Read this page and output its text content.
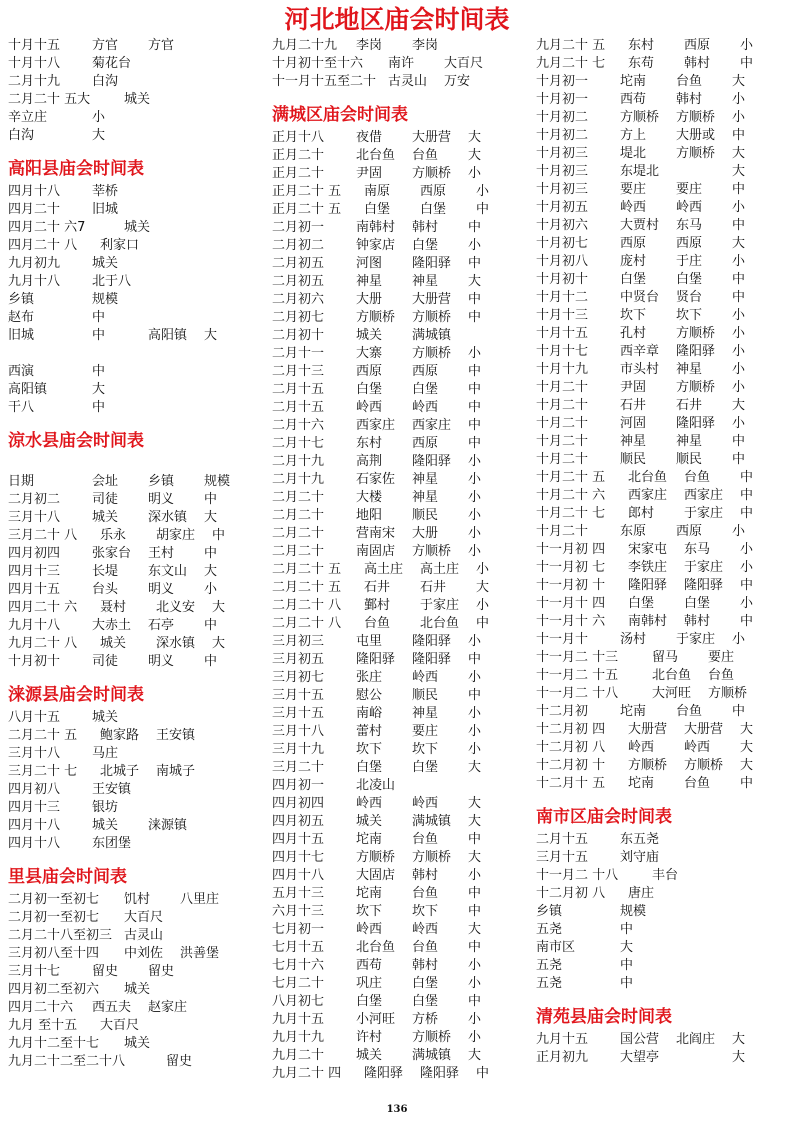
河北地区庙会时间表
十月十五 方官 方官
十月十八 菊花台
二月十九 白沟
二月二十 五大	城关
辛立庄	小
白沟	大
高阳县庙会时间表
四月十八 莘桥
四月二十 旧城
四月二十 六7	城关
四月二十 八 利家口
九月初九 城关
九月十八 北于八
乡镇	规模
赵布	中
旧城	中	高阳镇 大
西演	中
高阳镇	大
干八	中
涼水县庙会时间表
日期	会址 乡镇 规模
二月初二 司徒 明义 中
三月十八 城关 深水镇 大
三月二十 八 乐永 胡家庄 中
四月初四 张家台 王村 中
四月十三 长堤 东文山 大
四月十五 台头 明义 小
四月二十 六 聂村 北义安 大
九月十八 大赤土 石亭 中
九月二十 八 城关 深水镇 大
十月初十 司徒 明义 中
涞源县庙会时间表
八月十五 城关
二月二十 五 鲍家路 王安镇
三月十八 马庄
三月二十 七 北城子 南城子
四月初八 王安镇
四月十三 银坊
四月十八 城关 涞源镇
四月十八 东团堡
里县庙会时间表
二月初一至初七 饥村 八里庄
二月初一至初七 大百尺
二月二十八至初三 古灵山
三月初八至十四 中刘佐 洪善堡
三月十七 留史 留史
四月初二至初六 城关
四月二十六 西五夫 赵家庄
九月 至十五 大百尺
九月十二至十七 城关
九月二十二至二十八	留史
九月二十九 李岗 李岗
十月初十至十六 南许 大百尺
十一月十五至二十 古灵山 万安
满城区庙会时间表
正月十八 夜借 大册营 大
正月二十 北台鱼 台鱼 大
正月二十 尹固 方顺桥 小
正月二十 五 南原 西原 小
正月二十 五 白堡 白堡 中
二月初一 南韩村 韩村 中
二月初二 钟家店 白堡 小
二月初五 河图 隆阳驿 中
二月初五 神星 神星 大
二月初六 大册 大册营 中
二月初七 方顺桥 方顺桥 中
二月初十 城关 满城镇
二月十一 大寨 方顺桥 小
二月十三 西原 西原 中
二月十五 白堡 白堡 中
二月十五 岭西 岭西 中
二月十六 西家庄 西家庄 中
二月十七 东村 西原 中
二月十九 高荆 隆阳驿 小
二月十九 石家佐 神星 小
二月二十 大楼 神星 小
二月二十 地阳 顺民 小
二月二十 营南宋 大册 小
二月二十 南固店 方顺桥 小
二月二十 五 高土庄 高土庄 小
二月二十 五 石井 石井 大
二月二十 八 鄞村 于家庄 小
二月二十 八 台鱼 北台鱼 中
三月初三 屯里 隆阳驿 小
三月初五 隆阳驿 隆阳驿 中
三月初七 张庄 岭西 小
三月十五 慰公 顺民 中
三月十五 南峪 神星 小
三月十八 蕾村 要庄 小
三月十九 坎下 坎下 小
三月二十 白堡 白堡 大
四月初一 北凌山
四月初四 岭西 岭西 大
四月初五 城关 满城镇 大
四月十五 坨南 台鱼 中
四月十七 方顺桥 方顺桥 大
四月十八 大固店 韩村 小
五月十三 坨南 台鱼 中
六月十三 坎下 坎下 中
七月初一 岭西 岭西 大
七月十五 北台鱼 台鱼 中
七月十六 西苟 韩村 小
七月二十 巩庄 白堡 小
八月初七 白堡 白堡 中
九月十五 小河旺 方桥 小
九月十九 许村 方顺桥 小
九月二十 城关 满城镇 大
九月二十 四 隆阳驿 隆阳驿 中
九月二十 五 东村 西原 小
九月二十 七 东苟 韩村 中
十月初一 坨南 台鱼 大
十月初一 西苟 韩村 小
十月初二 方顺桥 方顺桥 小
十月初二 方上 大册或 中
十月初三 堤北 方顺桥 大
十月初三 东堤北	大
十月初三 要庄 要庄 中
十月初五 岭西 岭西 小
十月初六 大贾村 东马 中
十月初七 西原 西原 大
十月初八 庞村 于庄 小
十月初十 白堡 白堡 中
十月十二 中贤台 贤台 中
十月十三 坎下 坎下 小
十月十五 孔村 方顺桥 小
十月十七 西辛章 隆阳驿 小
十月十九 市头村 神星 小
十月二十 尹固 方顺桥 小
十月二十 石井 石井 大
十月二十 河固 隆阳驿 小
十月二十 神星 神星 中
十月二十 顺民 顺民 中
十月二十 五 北台鱼 台鱼 中
十月二十 六 西家庄 西家庄 中
十月二十 七 郎村 于家庄 中
十月二十 东原 西原 小
十一月初 四 宋家屯 东马 小
十一月初 七 李铁庄 于家庄 小
十一月初 十 隆阳驿 隆阳驿 中
十一月十 四 白堡 白堡 小
十一月十 六 南韩村 韩村 中
十一月十 汤村 于家庄 小
十一月二 十三	留马 要庄
十一月二 十五	北台鱼 台鱼
十一月二 十八	大河旺 方顺桥
十二月初 坨南 台鱼 中
十二月初 四 大册营 大册营 大
十二月初 八 岭西 岭西 大
十二月初 十 方顺桥 方顺桥 大
十二月十 五 坨南 台鱼 中
南市区庙会时间表
二月十五 东五尧
三月十五 刘守庙
十一月二 十八	丰台
十二月初 八 唐庄
乡镇	规模
五尧	中
南市区	大
五尧	中
五尧	中
清苑县庙会时间表
九月十五 国公营 北阎庄 大
正月初九 大望亭	大
136
